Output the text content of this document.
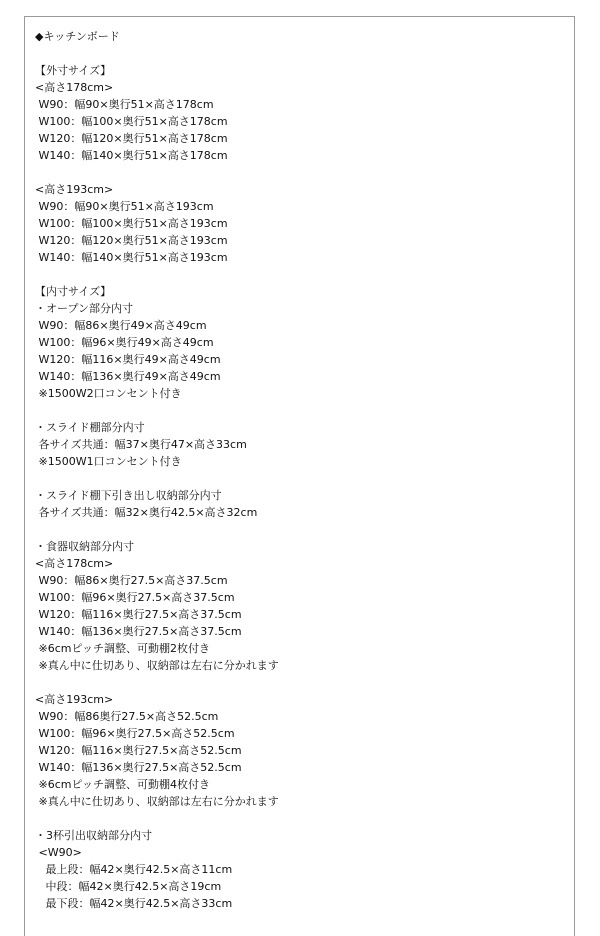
◆キッチンボード
【外寸サイズ】
<高さ178cm>
W90：幅90×奥行51×高さ178cm
W100：幅100×奥行51×高さ178cm
W120：幅120×奥行51×高さ178cm
W140：幅140×奥行51×高さ178cm
<高さ193cm>
W90：幅90×奥行51×高さ193cm
W100：幅100×奥行51×高さ193cm
W120：幅120×奥行51×高さ193cm
W140：幅140×奥行51×高さ193cm
【内寸サイズ】
・オープン部分内寸
W90：幅86×奥行49×高さ49cm
W100：幅96×奥行49×高さ49cm
W120：幅116×奥行49×高さ49cm
W140：幅136×奥行49×高さ49cm
※1500W2口コンセント付き
・スライド棚部分内寸
各サイズ共通：幅37×奥行47×高さ33cm
※1500W1口コンセント付き
・スライド棚下引き出し収納部分内寸
各サイズ共通：幅32×奥行42.5×高さ32cm
・食器収納部分内寸
<高さ178cm>
W90：幅86×奥行27.5×高さ37.5cm
W100：幅96×奥行27.5×高さ37.5cm
W120：幅116×奥行27.5×高さ37.5cm
W140：幅136×奥行27.5×高さ37.5cm
※6cmピッチ調整、可動棚2枚付き
※真ん中に仕切あり、収納部は左右に分かれます
<高さ193cm>
W90：幅86奥行27.5×高さ52.5cm
W100：幅96×奥行27.5×高さ52.5cm
W120：幅116×奥行27.5×高さ52.5cm
W140：幅136×奥行27.5×高さ52.5cm
※6cmピッチ調整、可動棚4枚付き
※真ん中に仕切あり、収納部は左右に分かれます
・3杯引出収納部分内寸
<W90>
最上段：幅42×奥行42.5×高さ11cm
中段：幅42×奥行42.5×高さ19cm
最下段：幅42×奥行42.5×高さ33cm
